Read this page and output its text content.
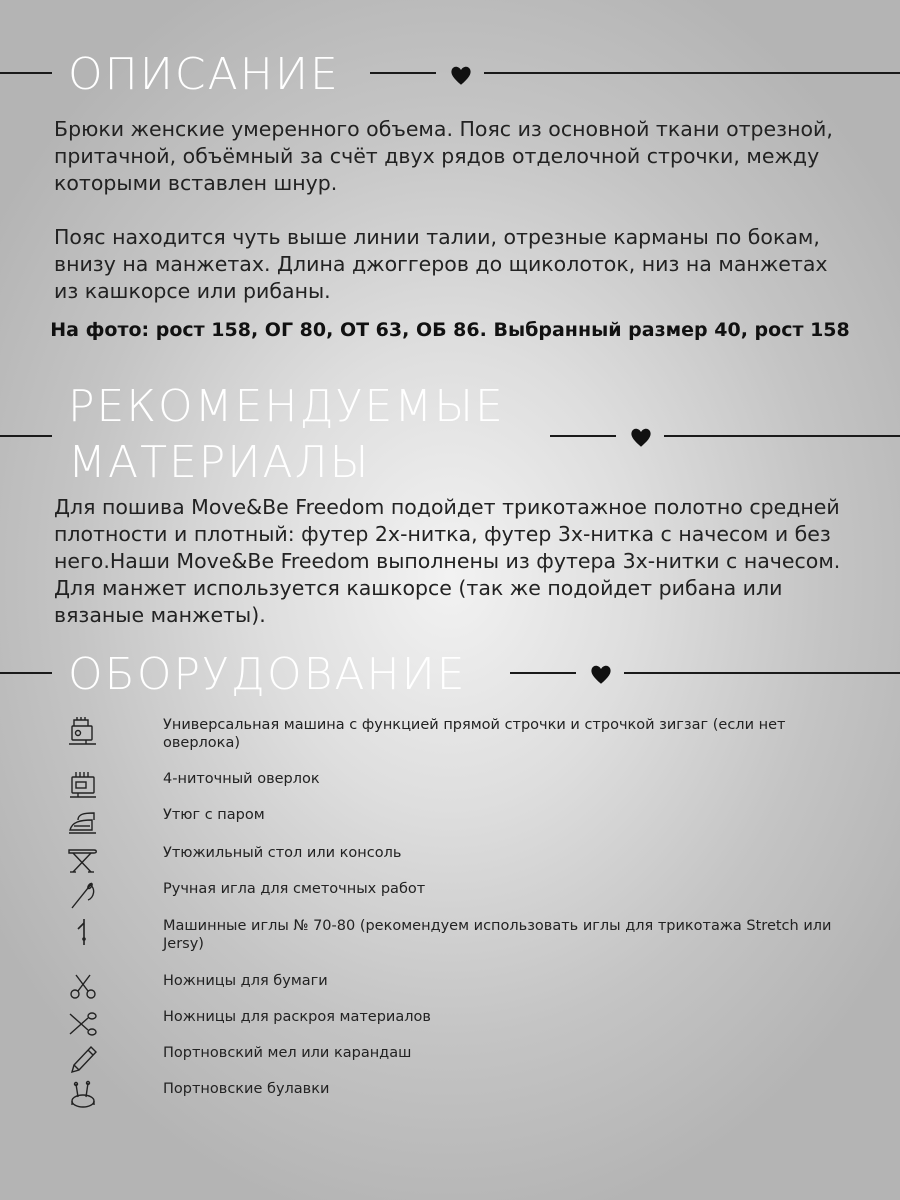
ОПИСАНИЕ

Брюки женские умеренного объема. Пояс из основной ткани отрезной, притачной, объёмный за счёт двух рядов отделочной строчки, между которыми вставлен шнур.

Пояс находится чуть выше линии талии, отрезные карманы по бокам, внизу на манжетах. Длина джоггеров до щиколоток, низ на манжетах из кашкорсе или рибаны.

На фото: рост 158, ОГ 80, ОТ 63, ОБ 86. Выбранный размер 40, рост 158

РЕКОМЕНДУЕМЫЕ
МАТЕРИАЛЫ

Для пошива Move&Be Freedom подойдет трикотажное полотно средней плотности и плотный: футер 2х-нитка, футер 3х-нитка с начесом и без него.Наши Move&Be Freedom выполнены из футера 3х-нитки с начесом. Для манжет используется кашкорсе (так же подойдет рибана или вязаные манжеты).

ОБОРУДОВАНИЕ
Универсальная машина с функцией прямой строчки и строчкой зигзаг (если нет оверлока)
4-ниточный оверлок
Утюг с паром
Утюжильный стол или консоль
Ручная игла для сметочных работ
Машинные иглы № 70-80 (рекомендуем использовать иглы для трикотажа Stretch или Jersy)
Ножницы для бумаги
Ножницы для раскроя материалов
Портновский мел или карандаш
Портновские булавки
